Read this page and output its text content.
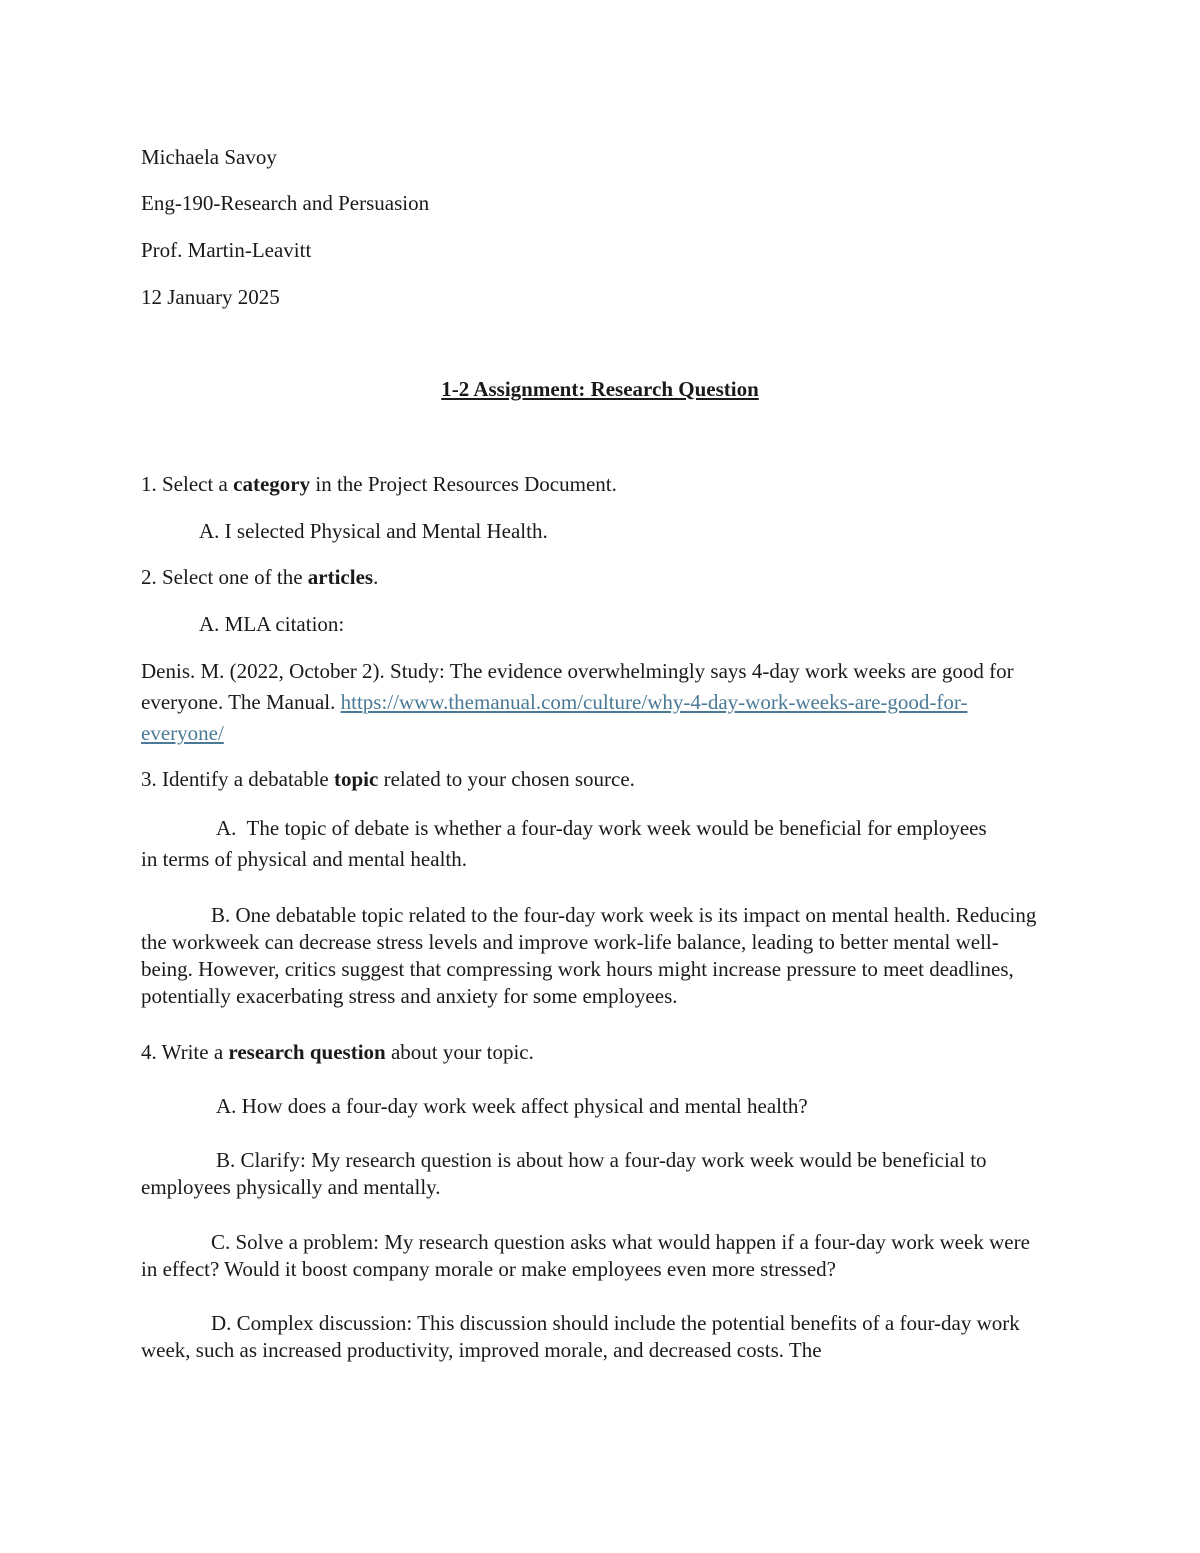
Michaela Savoy
Eng-190-Research and Persuasion
Prof. Martin-Leavitt
12 January 2025
1-2 Assignment: Research Question
1. Select a category in the Project Resources Document.
A. I selected Physical and Mental Health.
2. Select one of the articles.
A. MLA citation:
Denis. M. (2022, October 2). Study: The evidence overwhelmingly says 4-day work weeks are good for everyone. The Manual. https://www.themanual.com/culture/why-4-day-work-weeks-are-good-for-everyone/
3. Identify a debatable topic related to your chosen source.
A.  The topic of debate is whether a four-day work week would be beneficial for employees in terms of physical and mental health.
B. One debatable topic related to the four-day work week is its impact on mental health. Reducing the workweek can decrease stress levels and improve work-life balance, leading to better mental well-being. However, critics suggest that compressing work hours might increase pressure to meet deadlines, potentially exacerbating stress and anxiety for some employees.
4. Write a research question about your topic.
A. How does a four-day work week affect physical and mental health?
B. Clarify: My research question is about how a four-day work week would be beneficial to employees physically and mentally.
C. Solve a problem: My research question asks what would happen if a four-day work week were in effect? Would it boost company morale or make employees even more stressed?
D. Complex discussion: This discussion should include the potential benefits of a four-day work week, such as increased productivity, improved morale, and decreased costs. The
